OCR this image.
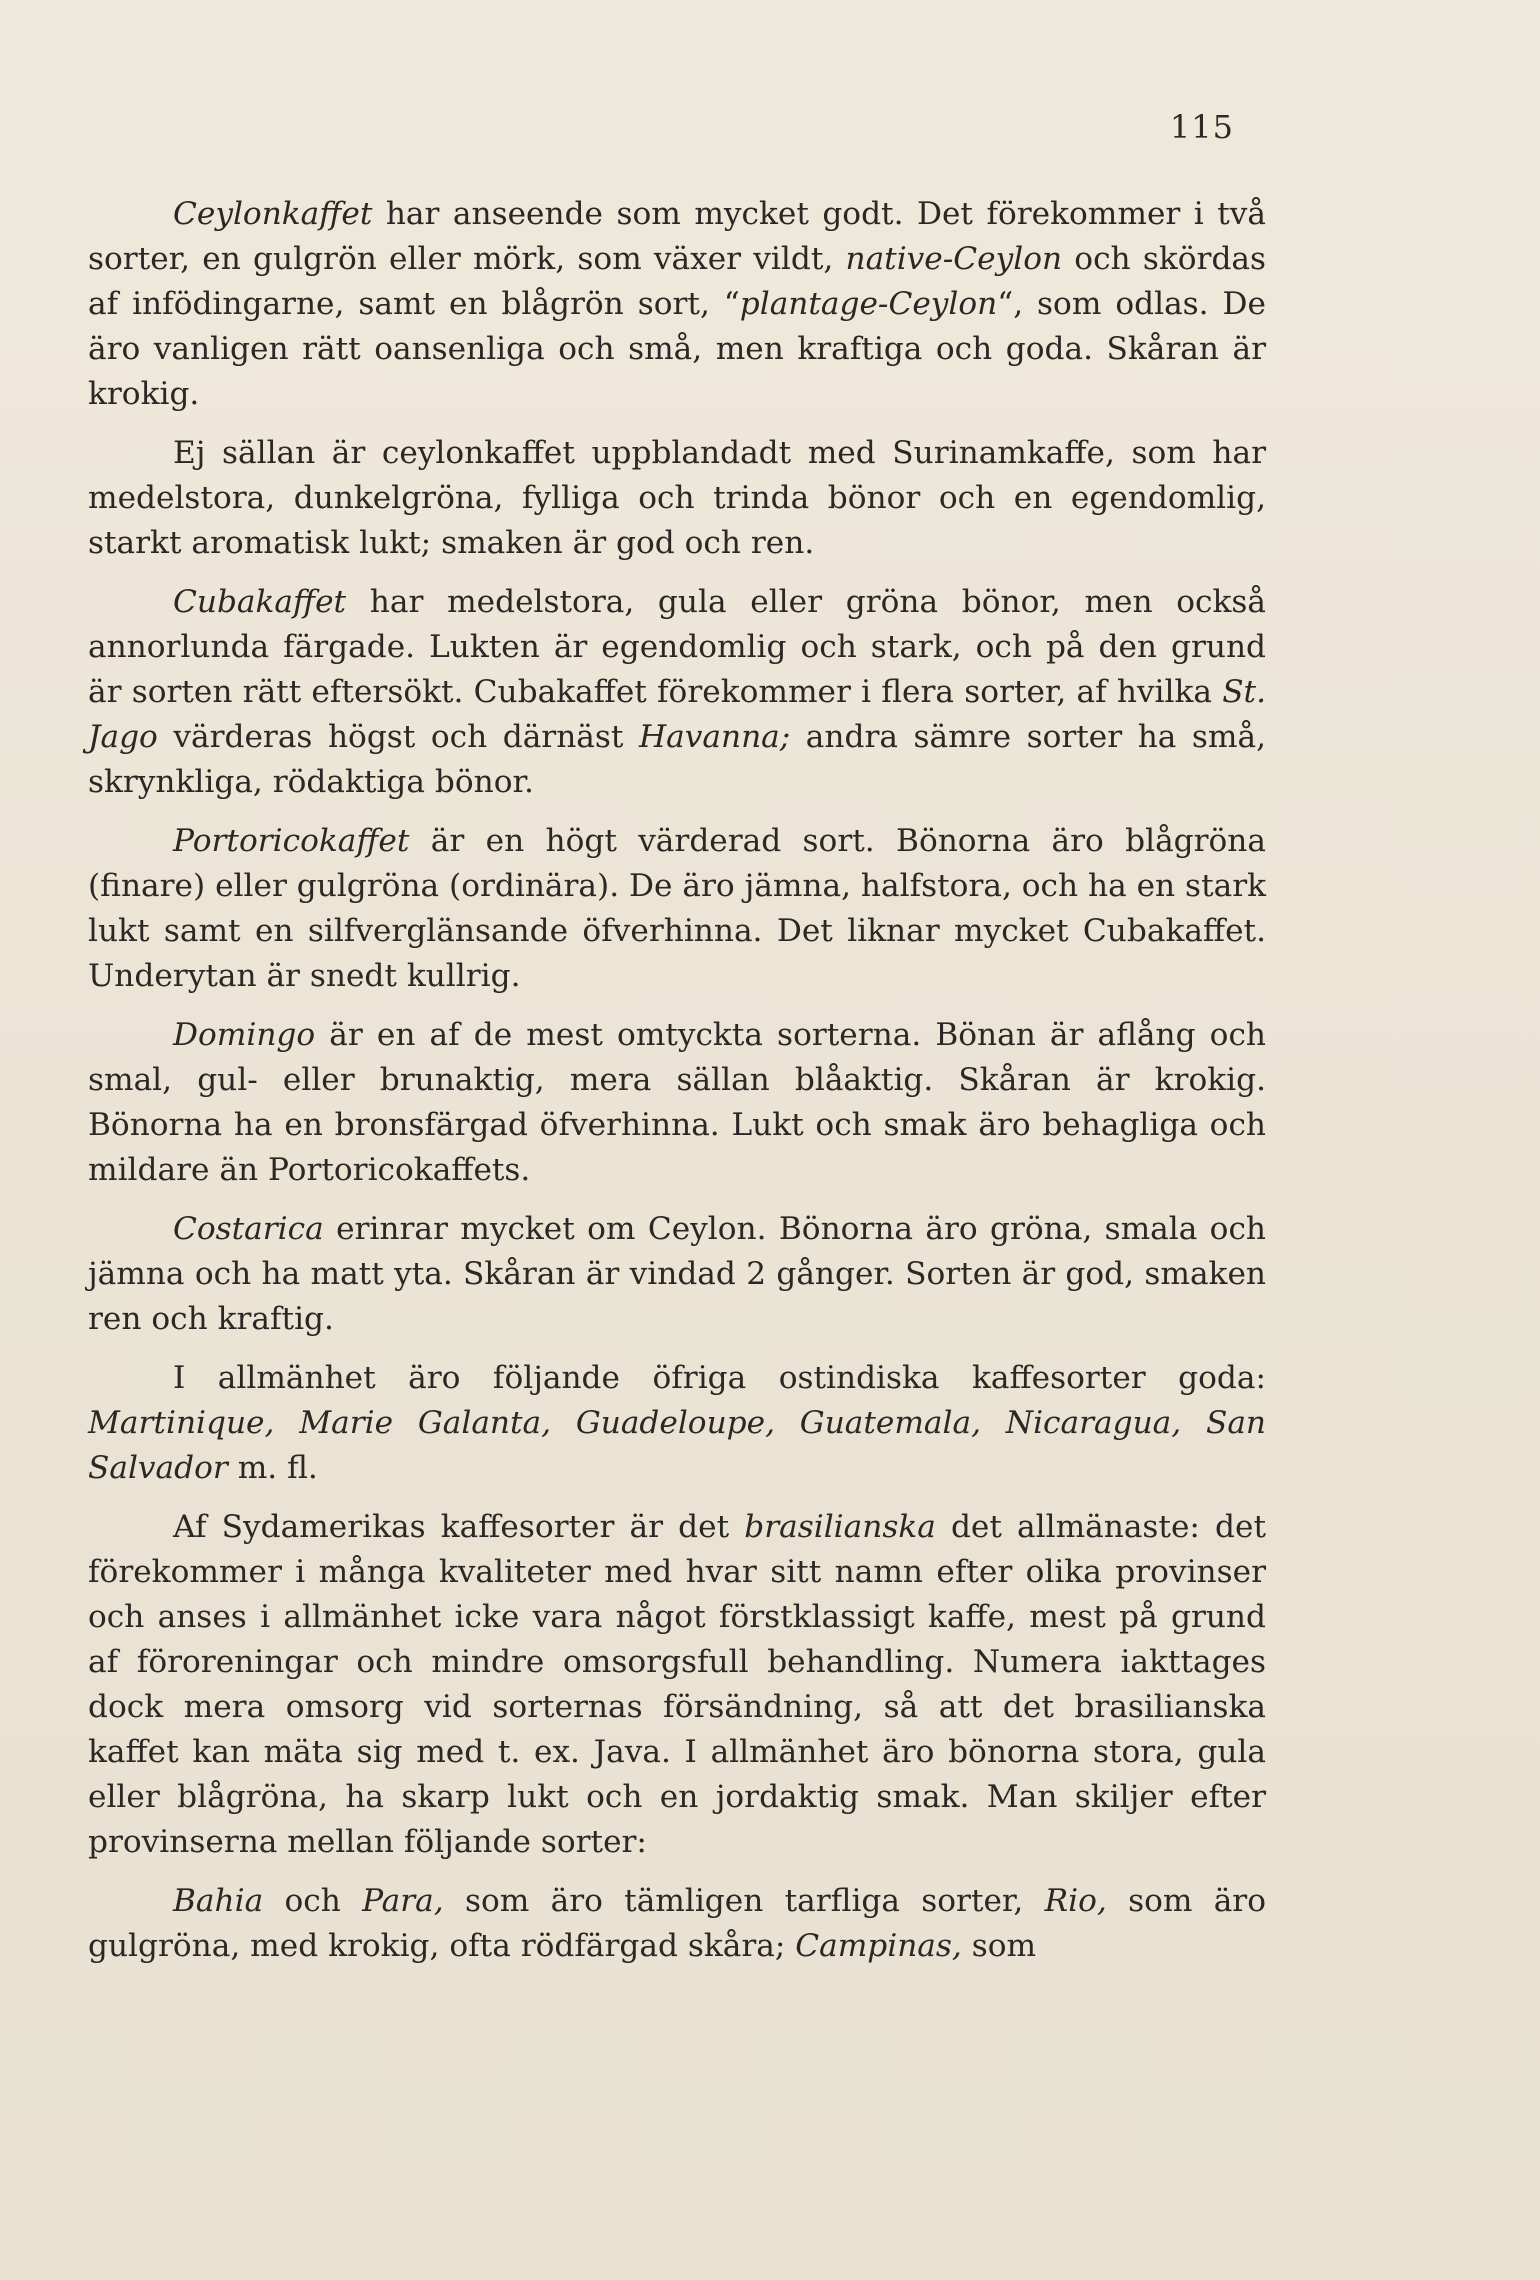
115

Ceylonkaffet har anseende som mycket godt. Det förekommer i två sorter, en gulgrön eller mörk, som växer vildt, native-Ceylon och skördas af infödingarne, samt en blågrön sort, “plantage-Ceylon“, som odlas. De äro vanligen rätt oansenliga och små, men kraftiga och goda. Skåran är krokig.

Ej sällan är ceylonkaffet uppblandadt med Surinamkaffe, som har medelstora, dunkelgröna, fylliga och trinda bönor och en egendomlig, starkt aromatisk lukt; smaken är god och ren.

Cubakaffet har medelstora, gula eller gröna bönor, men också annorlunda färgade. Lukten är egendomlig och stark, och på den grund är sorten rätt eftersökt. Cubakaffet förekommer i flera sorter, af hvilka St. Jago värderas högst och därnäst Havanna; andra sämre sorter ha små, skrynkliga, rödaktiga bönor.

Portoricokaffet är en högt värderad sort. Bönorna äro blågröna (finare) eller gulgröna (ordinära). De äro jämna, halfstora, och ha en stark lukt samt en silfverglänsande öfverhinna. Det liknar mycket Cubakaffet. Underytan är snedt kullrig.

Domingo är en af de mest omtyckta sorterna. Bönan är aflång och smal, gul- eller brunaktig, mera sällan blåaktig. Skåran är krokig. Bönorna ha en bronsfärgad öfverhinna. Lukt och smak äro behagliga och mildare än Portoricokaffets.

Costarica erinrar mycket om Ceylon. Bönorna äro gröna, smala och jämna och ha matt yta. Skåran är vindad 2 gånger. Sorten är god, smaken ren och kraftig.

I allmänhet äro följande öfriga ostindiska kaffesorter goda: Martinique, Marie Galanta, Guadeloupe, Guatemala, Nicaragua, San Salvador m. fl.

Af Sydamerikas kaffesorter är det brasilianska det allmänaste: det förekommer i många kvaliteter med hvar sitt namn efter olika provinser och anses i allmänhet icke vara något förstklassigt kaffe, mest på grund af föroreningar och mindre omsorgsfull behandling. Numera iakttages dock mera omsorg vid sorternas försändning, så att det brasilianska kaffet kan mäta sig med t. ex. Java. I allmänhet äro bönorna stora, gula eller blågröna, ha skarp lukt och en jordaktig smak. Man skiljer efter provinserna mellan följande sorter:

Bahia och Para, som äro tämligen tarfliga sorter, Rio, som äro gulgröna, med krokig, ofta rödfärgad skåra; Campinas, som
